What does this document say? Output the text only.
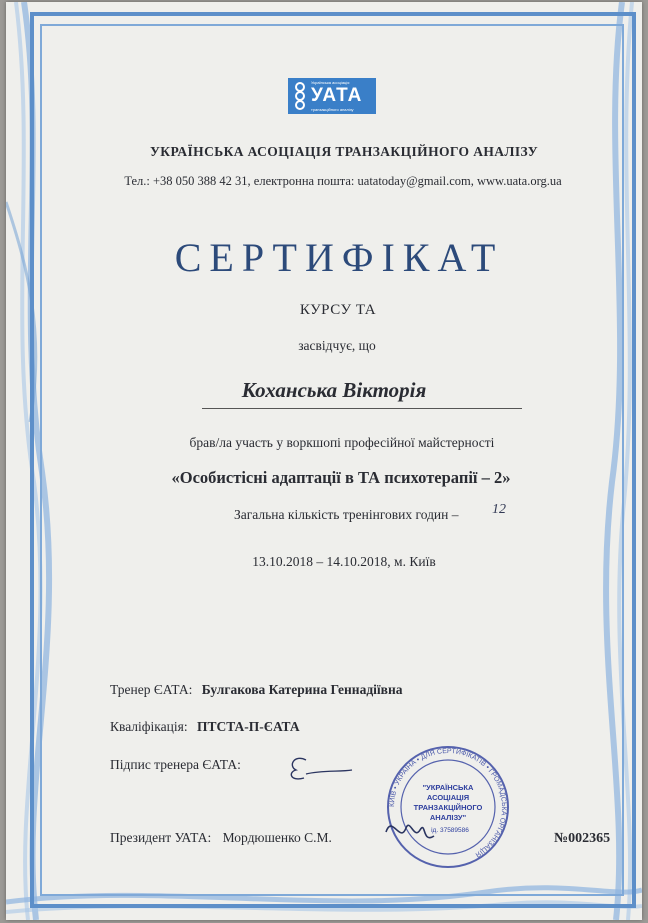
Українська асоціація
УАТА
транзакційного аналізу
УКРАЇНСЬКА АСОЦІАЦІЯ ТРАНЗАКЦІЙНОГО АНАЛІЗУ
Тел.: +38 050 388 42 31, електронна пошта: uatatoday@gmail.com, www.uata.org.ua
СЕРТИФІКАТ
КУРСУ ТА
засвідчує, що
Коханська Вікторія
брав/ла участь у воркшопі професійної майстерності
«Особистісні адаптації в ТА психотерапії – 2»
Загальна кількість тренінгових годин – 12
13.10.2018 – 14.10.2018, м. Київ
Тренер ЄАТА: Булгакова Катерина Геннадіївна
Кваліфікація: ПТСТА-П-ЄАТА
Підпис тренера ЄАТА:
Президент УАТА: Мордюшенко С.М.	№002365
КИЇВ • УКРАЇНА • ДЛЯ СЕРТИФІКАТІВ • ГРОМАДСЬКА ОРГАНІЗАЦІЯ
"УКРАЇНСЬКА
АСОЦІАЦІЯ
ТРАНЗАКЦІЙНОГО
АНАЛІЗУ"
ід. 37589586
